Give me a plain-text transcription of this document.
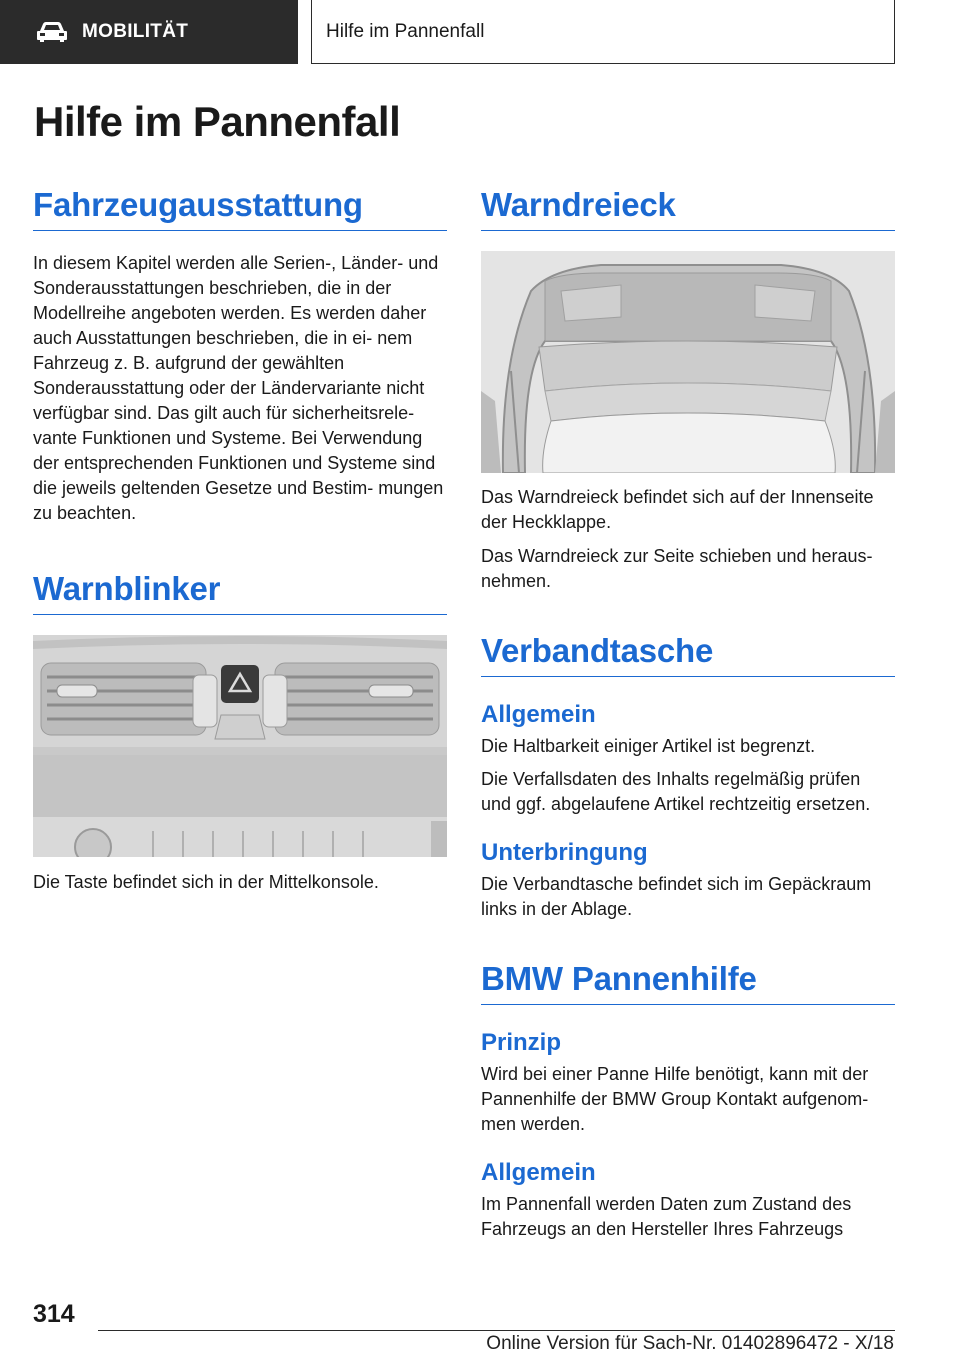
MOBILITÄT	Hilfe im Pannenfall
Hilfe im Pannenfall
Fahrzeugausstattung

In diesem Kapitel werden alle Serien-, Länder- und Sonderausstattungen beschrieben, die in der Modellreihe angeboten werden. Es werden daher auch Ausstattungen beschrieben, die in ei‐ nem Fahrzeug z. B. aufgrund der gewählten Sonderausstattung oder der Ländervariante nicht verfügbar sind. Das gilt auch für sicherheitsrele‐ vante Funktionen und Systeme. Bei Verwendung der entsprechenden Funktionen und Systeme sind die jeweils geltenden Gesetze und Bestim‐ mungen zu beachten.

Warnblinker

Die Taste befindet sich in der Mittelkonsole.

Warndreieck

Das Warndreieck befindet sich auf der Innenseite der Heckklappe.

Das Warndreieck zur Seite schieben und heraus‐ nehmen.

Verbandtasche
Allgemein

Die Haltbarkeit einiger Artikel ist begrenzt.

Die Verfallsdaten des Inhalts regelmäßig prüfen und ggf. abgelaufene Artikel rechtzeitig ersetzen.

Unterbringung

Die Verbandtasche befindet sich im Gepäckraum links in der Ablage.

BMW Pannenhilfe
Prinzip

Wird bei einer Panne Hilfe benötigt, kann mit der Pannenhilfe der BMW Group Kontakt aufgenom‐ men werden.

Allgemein

Im Pannenfall werden Daten zum Zustand des Fahrzeugs an den Hersteller Ihres Fahrzeugs

314
Online Version für Sach-Nr. 01402896472 - X/18
